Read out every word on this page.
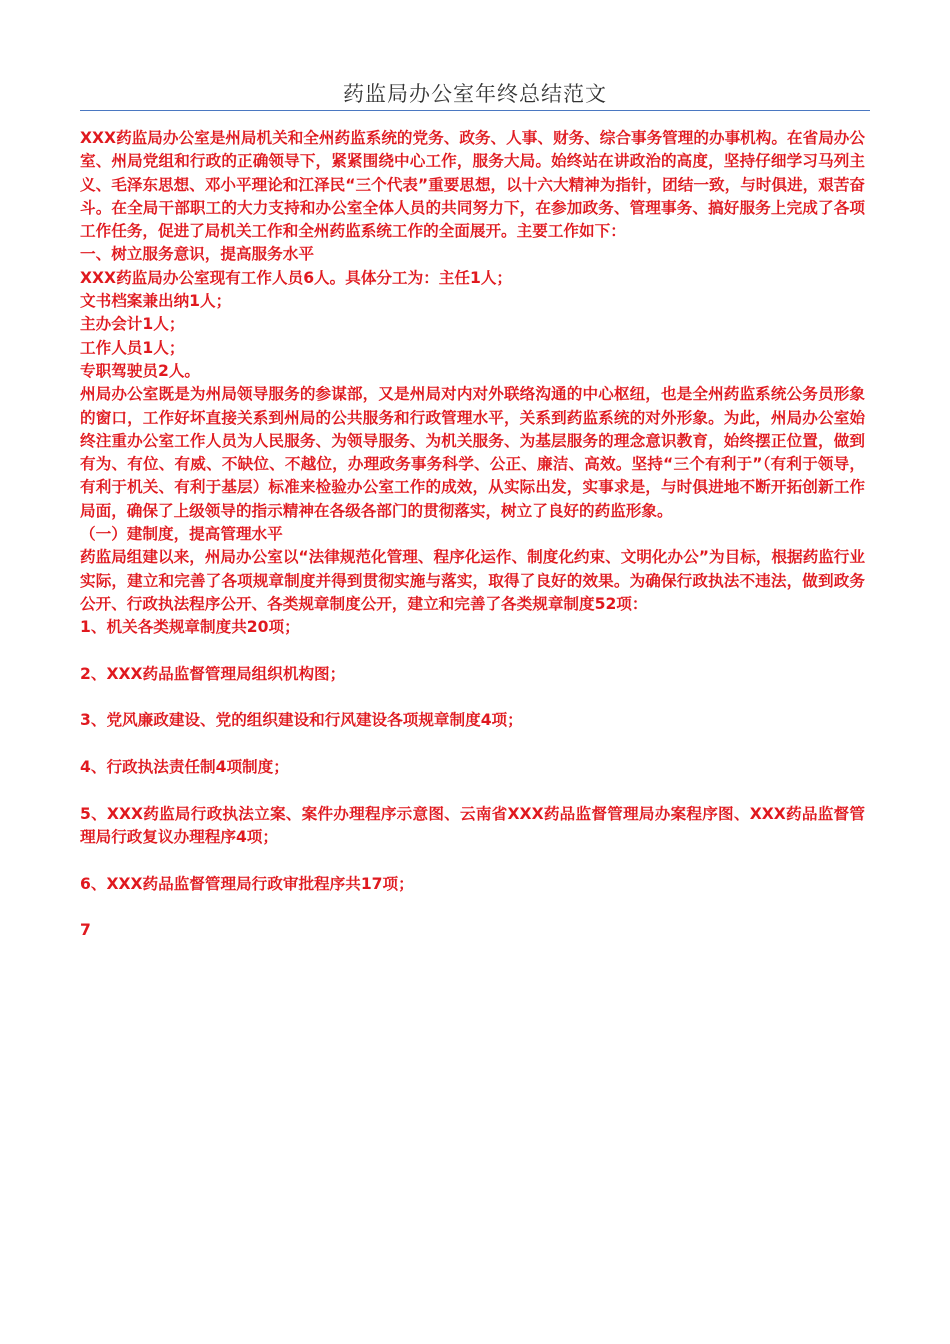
药监局办公室年终总结范文

XXX药监局办公室是州局机关和全州药监系统的党务、政务、人事、财务、综合事务管理的办事机构。在省局办公室、州局党组和行政的正确领导下，紧紧围绕中心工作，服务大局。始终站在讲政治的高度，坚持仔细学习马列主义、毛泽东思想、邓小平理论和江泽民“三个代表”重要思想，以十六大精神为指针，团结一致，与时俱进，艰苦奋斗。在全局干部职工的大力支持和办公室全体人员的共同努力下，在参加政务、管理事务、搞好服务上完成了各项工作任务，促进了局机关工作和全州药监系统工作的全面展开。主要工作如下：

一、树立服务意识，提高服务水平

XXX药监局办公室现有工作人员6人。具体分工为：主任1人；

文书档案兼出纳1人；

主办会计1人；

工作人员1人；

专职驾驶员2人。

州局办公室既是为州局领导服务的参谋部，又是州局对内对外联络沟通的中心枢纽，也是全州药监系统公务员形象的窗口，工作好坏直接关系到州局的公共服务和行政管理水平，关系到药监系统的对外形象。为此，州局办公室始终注重办公室工作人员为人民服务、为领导服务、为机关服务、为基层服务的理念意识教育，始终摆正位置，做到有为、有位、有威、不缺位、不越位，办理政务事务科学、公正、廉洁、高效。坚持“三个有利于”（有利于领导，有利于机关、有利于基层）标准来检验办公室工作的成效，从实际出发，实事求是，与时俱进地不断开拓创新工作局面，确保了上级领导的指示精神在各级各部门的贯彻落实，树立了良好的药监形象。

（一）建制度，提高管理水平

药监局组建以来，州局办公室以“法律规范化管理、程序化运作、制度化约束、文明化办公”为目标，根据药监行业实际，建立和完善了各项规章制度并得到贯彻实施与落实，取得了良好的效果。为确保行政执法不违法，做到政务公开、行政执法程序公开、各类规章制度公开，建立和完善了各类规章制度52项：

1、机关各类规章制度共20项；

2、XXX药品监督管理局组织机构图；

3、党风廉政建设、党的组织建设和行风建设各项规章制度4项；

4、行政执法责任制4项制度；

5、XXX药监局行政执法立案、案件办理程序示意图、云南省XXX药品监督管理局办案程序图、XXX药品监督管理局行政复议办理程序4项；

6、XXX药品监督管理局行政审批程序共17项；

7
